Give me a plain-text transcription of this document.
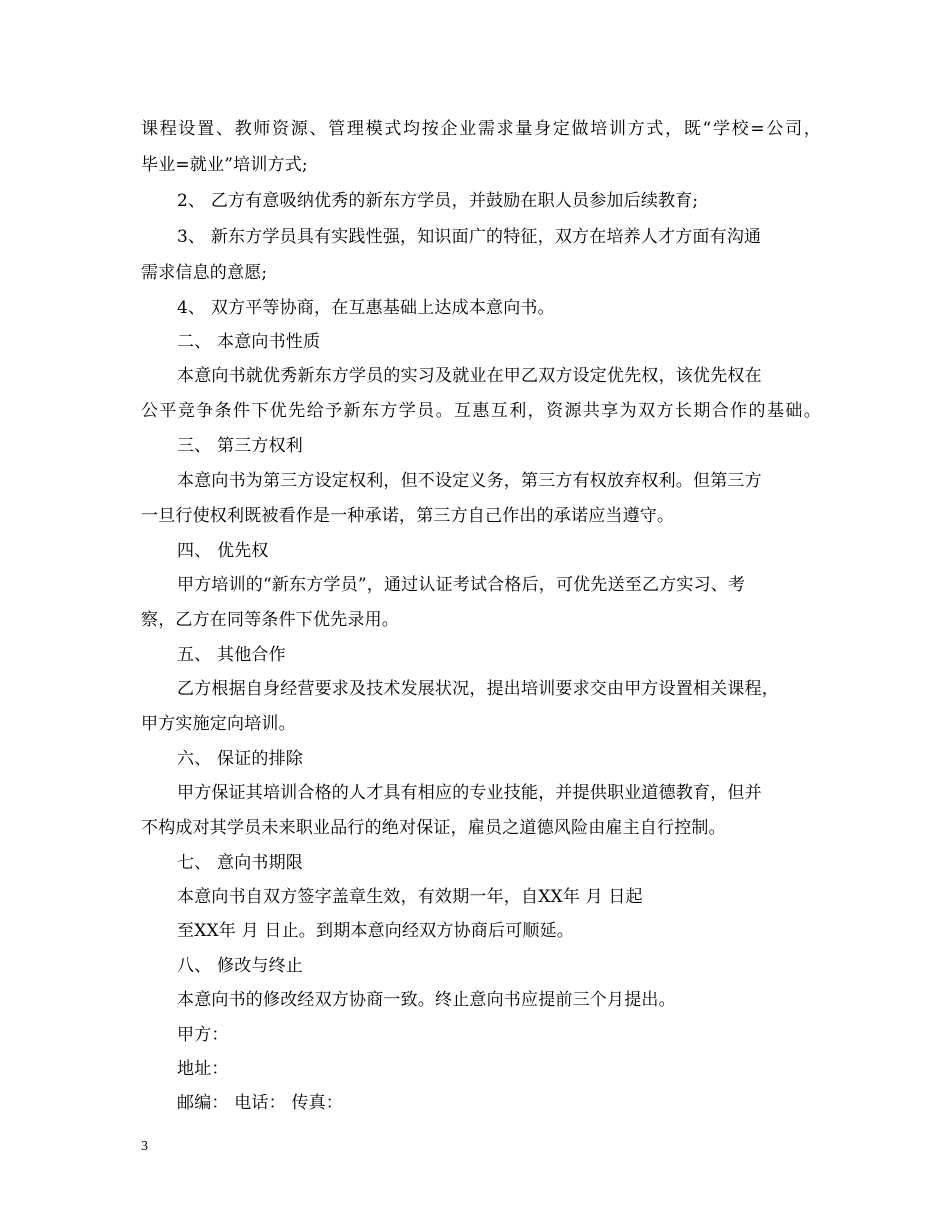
课程设置、教师资源、管理模式均按企业需求量身定做培训方式，既“学校=公司，
毕业=就业”培训方式;
2、 乙方有意吸纳优秀的新东方学员，并鼓励在职人员参加后续教育;
3、 新东方学员具有实践性强，知识面广的特征，双方在培养人才方面有沟通
需求信息的意愿;
4、 双方平等协商，在互惠基础上达成本意向书。
二、 本意向书性质
本意向书就优秀新东方学员的实习及就业在甲乙双方设定优先权，该优先权在
公平竞争条件下优先给予新东方学员。互惠互利，资源共享为双方长期合作的基础。
三、 第三方权利
本意向书为第三方设定权利，但不设定义务，第三方有权放弃权利。但第三方
一旦行使权利既被看作是一种承诺，第三方自己作出的承诺应当遵守。
四、 优先权
甲方培训的“新东方学员”，通过认证考试合格后，可优先送至乙方实习、考
察，乙方在同等条件下优先录用。
五、 其他合作
乙方根据自身经营要求及技术发展状况，提出培训要求交由甲方设置相关课程，
甲方实施定向培训。
六、 保证的排除
甲方保证其培训合格的人才具有相应的专业技能，并提供职业道德教育，但并
不构成对其学员未来职业品行的绝对保证，雇员之道德风险由雇主自行控制。
七、 意向书期限
本意向书自双方签字盖章生效，有效期一年，自XX年 月 日起
至XX年 月 日止。到期本意向经双方协商后可顺延。
八、 修改与终止
本意向书的修改经双方协商一致。终止意向书应提前三个月提出。
甲方：
地址：
邮编： 电话： 传真：
3
